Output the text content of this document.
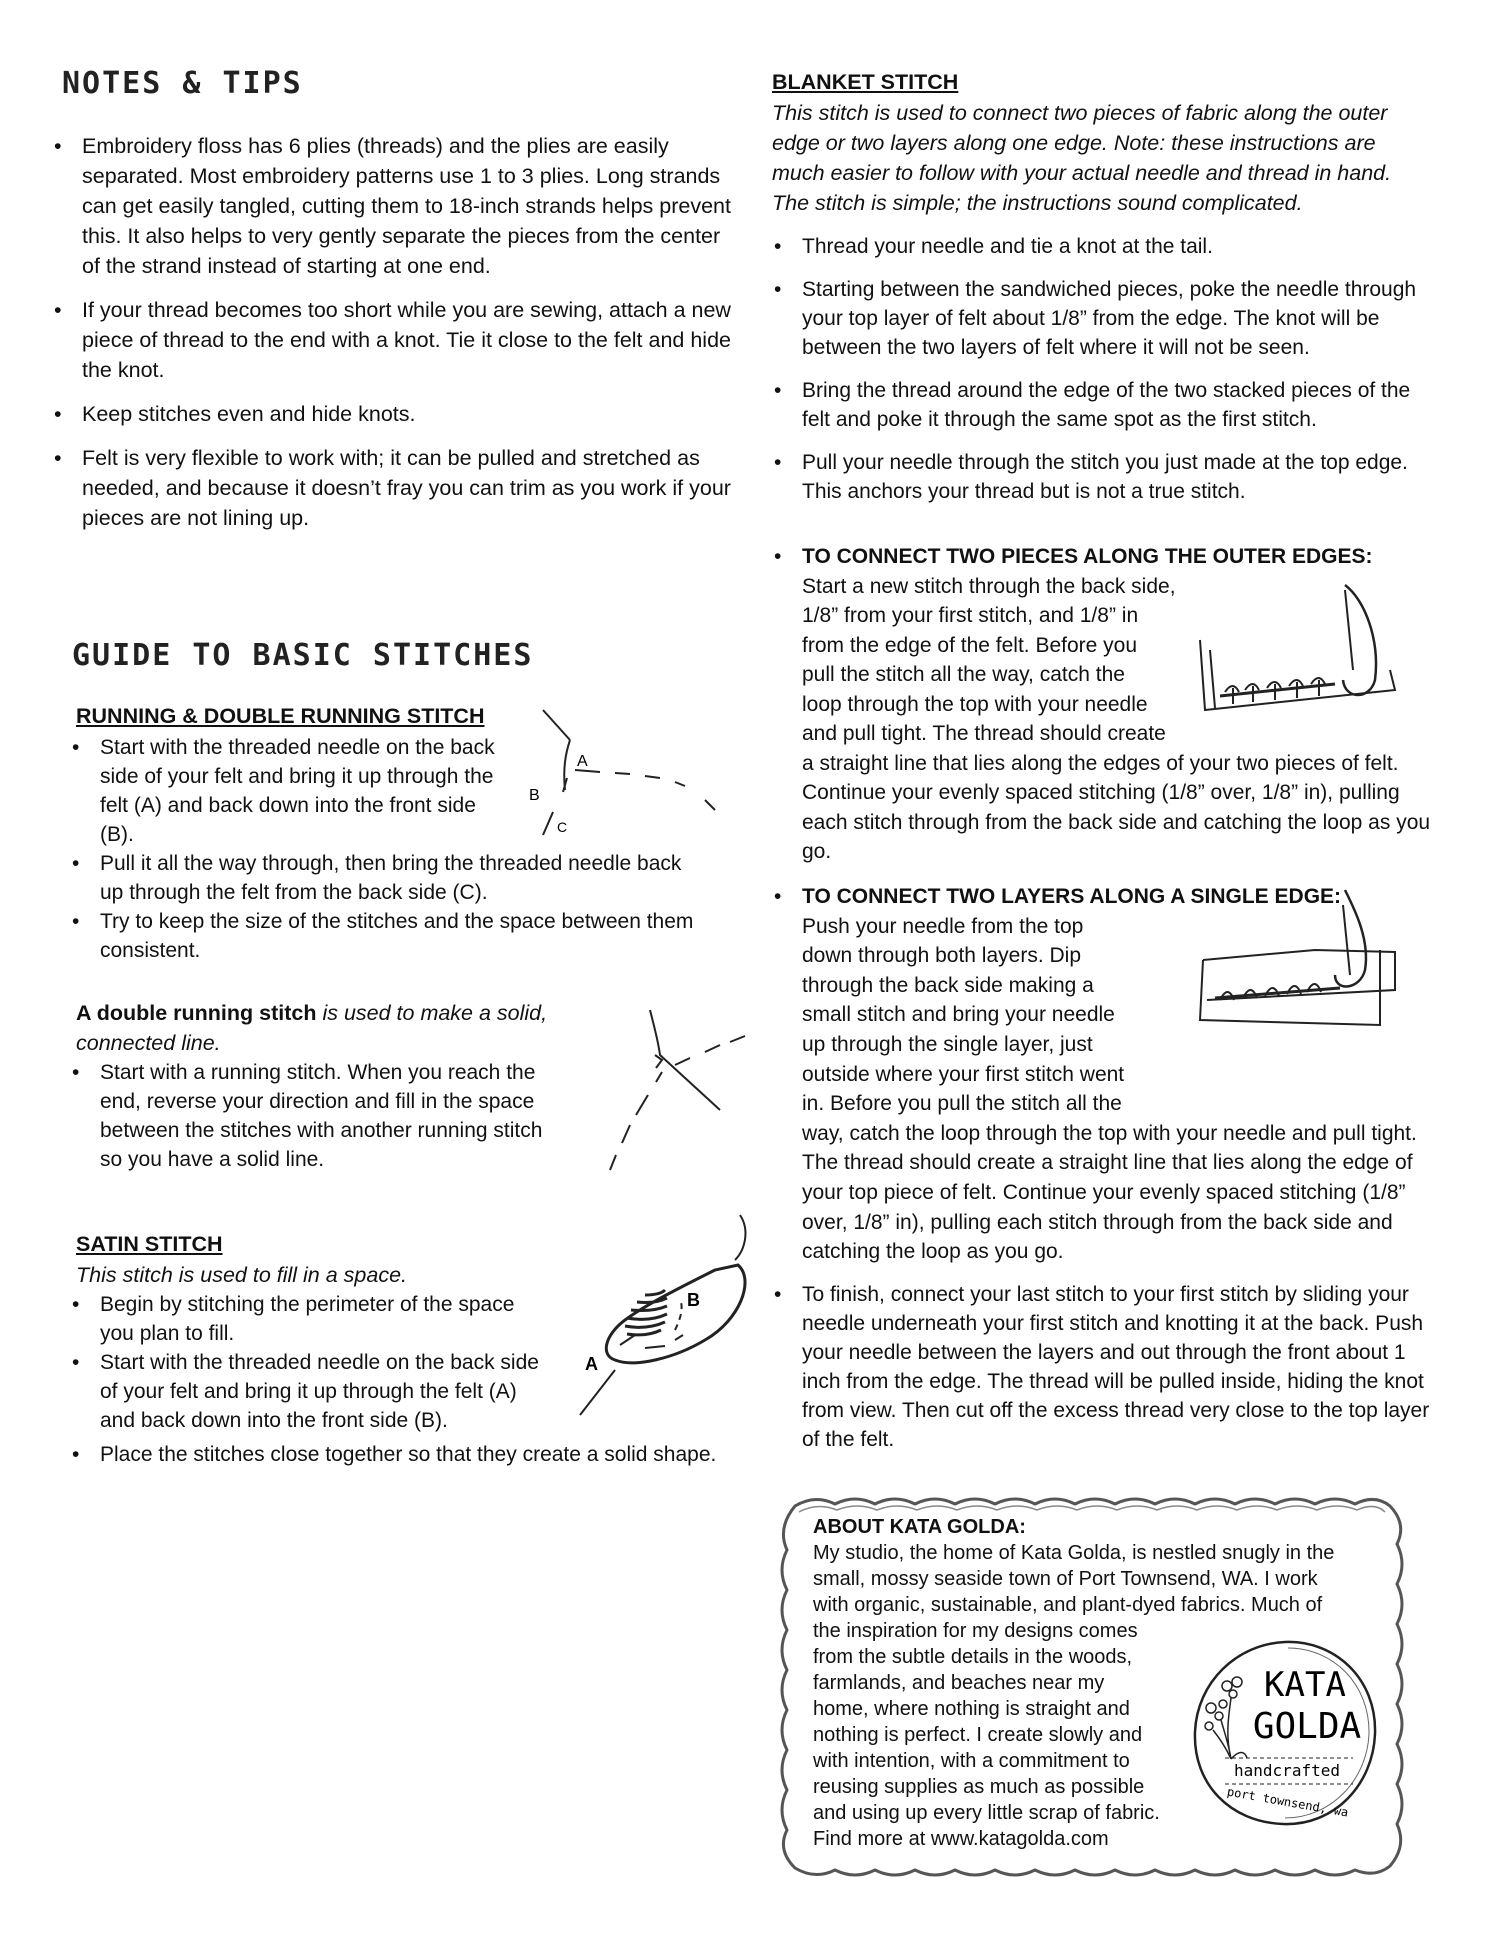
NOTES & TIPS
• Embroidery floss has 6 plies (threads) and the plies are easily separated. Most embroidery patterns use 1 to 3 plies. Long strands can get easily tangled, cutting them to 18-inch strands helps prevent this. It also helps to very gently separate the pieces from the center of the strand instead of starting at one end.
• If your thread becomes too short while you are sewing, attach a new piece of thread to the end with a knot. Tie it close to the felt and hide the knot.
• Keep stitches even and hide knots.
• Felt is very flexible to work with; it can be pulled and stretched as needed, and because it doesn’t fray you can trim as you work if your pieces are not lining up.
GUIDE TO BASIC STITCHES
RUNNING & DOUBLE RUNNING STITCH
• Start with the threaded needle on the back side of your felt and bring it up through the felt (A) and back down into the front side (B).
• Pull it all the way through, then bring the threaded needle back up through the felt from the back side (C).
• Try to keep the size of the stitches and the space between them consistent.

A double running stitch is used to make a solid, connected line.

• Start with a running stitch. When you reach the end, reverse your direction and fill in the space between the stitches with another running stitch so you have a solid line.
SATIN STITCH

This stitch is used to fill in a space.

• Begin by stitching the perimeter of the space you plan to fill.
• Start with the threaded needle on the back side of your felt and bring it up through the felt (A) and back down into the front side (B).
• Place the stitches close together so that they create a solid shape.
A
B
C
B
A
BLANKET STITCH

This stitch is used to connect two pieces of fabric along the outer edge or two layers along one edge. Note: these instructions are much easier to follow with your actual needle and thread in hand. The stitch is simple; the instructions sound complicated.

• Thread your needle and tie a knot at the tail.
• Starting between the sandwiched pieces, poke the needle through your top layer of felt about 1/8” from the edge. The knot will be between the two layers of felt where it will not be seen.
• Bring the thread around the edge of the two stacked pieces of the felt and poke it through the same spot as the first stitch.
• Pull your needle through the stitch you just made at the top edge. This anchors your thread but is not a true stitch.
• TO CONNECT TWO PIECES ALONG THE OUTER EDGES:
Start a new stitch through the back side,
1/8” from your first stitch, and 1/8” in
from the edge of the felt. Before you
pull the stitch all the way, catch the
loop through the top with your needle
and pull tight. The thread should create
a straight line that lies along the edges of your two pieces of felt. Continue your evenly spaced stitching (1/8” over, 1/8” in), pulling each stitch through from the back side and catching the loop as you go.
• TO CONNECT TWO LAYERS ALONG A SINGLE EDGE:
Push your needle from the top
down through both layers. Dip
through the back side making a
small stitch and bring your needle
up through the single layer, just
outside where your first stitch went
in. Before you pull the stitch all the
way, catch the loop through the top with your needle and pull tight. The thread should create a straight line that lies along the edge of your top piece of felt. Continue your evenly spaced stitching (1/8” over, 1/8” in), pulling each stitch through from the back side and catching the loop as you go.
• To finish, connect your last stitch to your first stitch by sliding your needle underneath your first stitch and knotting it at the back. Push your needle between the layers and out through the front about 1 inch from the edge. The thread will be pulled inside, hiding the knot from view. Then cut off the excess thread very close to the top layer of the felt.
ABOUT KATA GOLDA:
My studio, the home of Kata Golda, is nestled snugly in the
small, mossy seaside town of Port Townsend, WA. I work
with organic, sustainable, and plant-dyed fabrics. Much of
the inspiration for my designs comes
from the subtle details in the woods,
farmlands, and beaches near my
home, where nothing is straight and
nothing is perfect. I create slowly and
with intention, with a commitment to
reusing supplies as much as possible
and using up every little scrap of fabric.
Find more at www.katagolda.com
KATA
GOLDA
handcrafted
port townsend, wa
